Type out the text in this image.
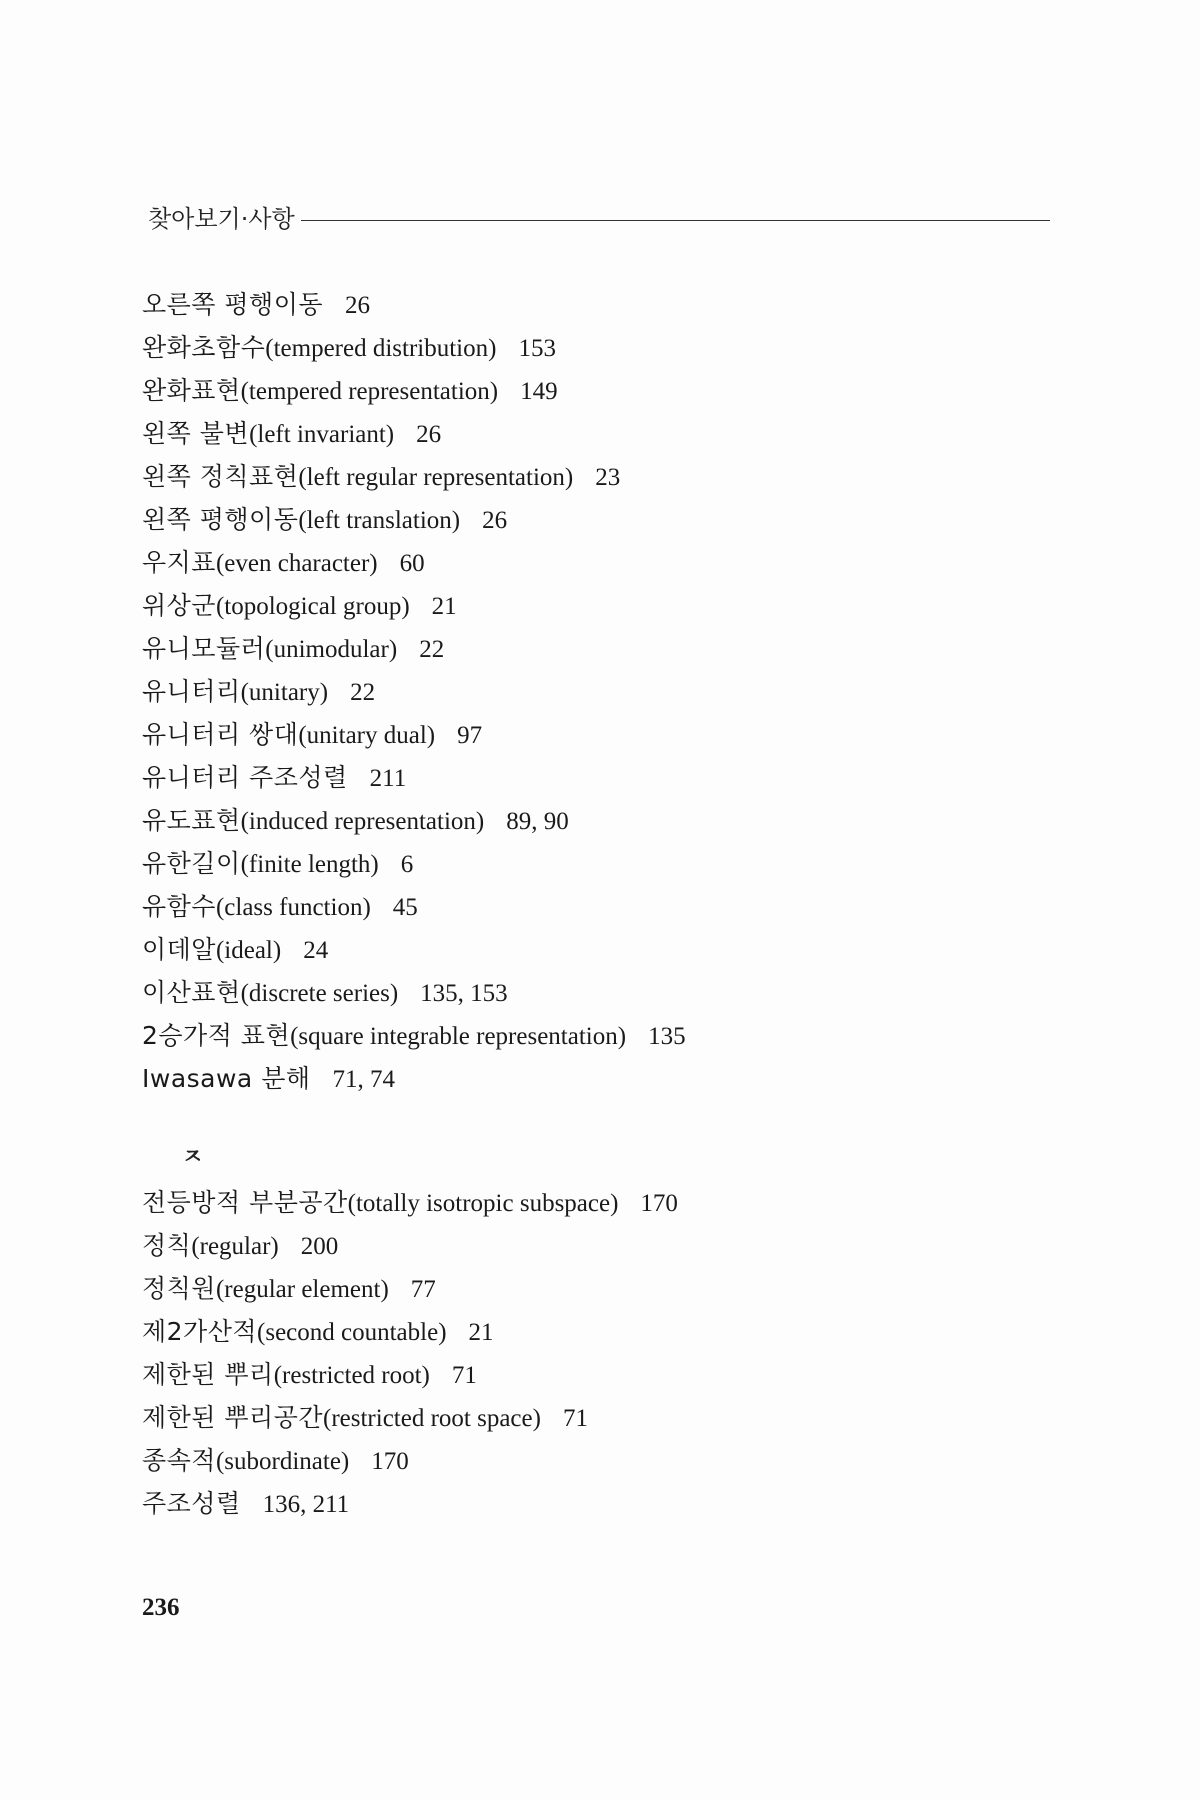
찾아보기·사항
오른쪽 평행이동 26
완화초함수(tempered distribution) 153
완화표현(tempered representation) 149
왼쪽 불변(left invariant) 26
왼쪽 정칙표현(left regular representation) 23
왼쪽 평행이동(left translation) 26
우지표(even character) 60
위상군(topological group) 21
유니모듈러(unimodular) 22
유니터리(unitary) 22
유니터리 쌍대(unitary dual) 97
유니터리 주조성렬 211
유도표현(induced representation) 89, 90
유한길이(finite length) 6
유함수(class function) 45
이데알(ideal) 24
이산표현(discrete series) 135, 153
2승가적 표현(square integrable representation) 135
Iwasawa 분해 71, 74
ㅈ
전등방적 부분공간(totally isotropic subspace) 170
정칙(regular) 200
정칙원(regular element) 77
제2가산적(second countable) 21
제한된 뿌리(restricted root) 71
제한된 뿌리공간(restricted root space) 71
종속적(subordinate) 170
주조성렬 136, 211
236
